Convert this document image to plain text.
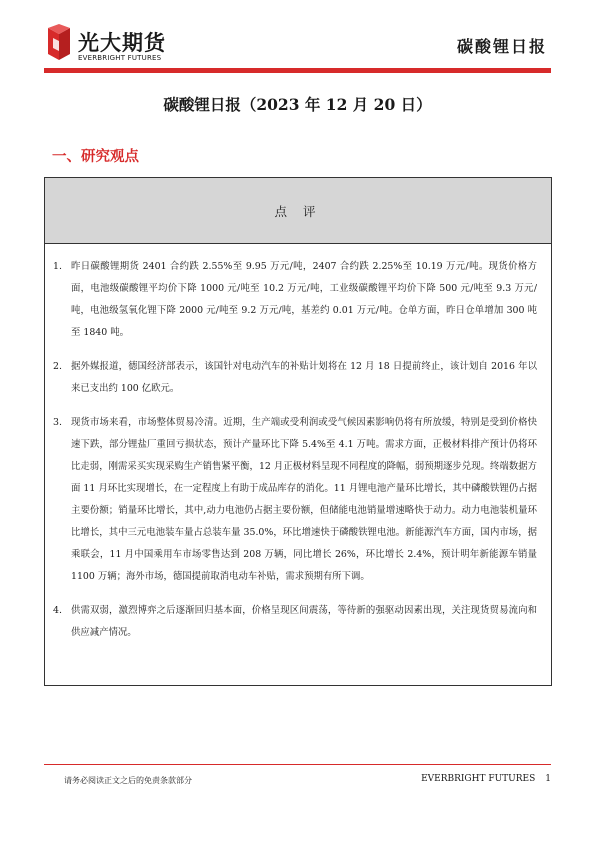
光大期货
EVERBRIGHT FUTURES
碳酸锂日报
碳酸锂日报（2023 年 12 月 20 日）
一、研究观点
点 评
1. 昨日碳酸锂期货 2401 合约跌 2.55%至 9.95 万元/吨，2407 合约跌 2.25%至 10.19 万元/吨。现货价格方面，电池级碳酸锂平均价下降 1000 元/吨至 10.2 万元/吨，工业级碳酸锂平均价下降 500 元/吨至 9.3 万元/吨，电池级氢氧化锂下降 2000 元/吨至 9.2 万元/吨，基差约 0.01 万元/吨。仓单方面，昨日仓单增加 300 吨至 1840 吨。
2. 据外媒报道，德国经济部表示，该国针对电动汽车的补贴计划将在 12 月 18 日提前终止，该计划自 2016 年以来已支出约 100 亿欧元。
3. 现货市场来看，市场整体贸易冷清。近期，生产端或受利润或受气候因素影响仍将有所放缓，特别是受到价格快速下跌，部分锂盐厂重回亏损状态，预计产量环比下降 5.4%至 4.1 万吨。需求方面，正极材料排产预计仍将环比走弱，刚需采买实现采购生产销售紧平衡，12 月正极材料呈现不同程度的降幅，弱预期逐步兑现。终端数据方面 11 月环比实现增长，在一定程度上有助于成品库存的消化。11 月锂电池产量环比增长，其中磷酸铁锂仍占据主要份额；销量环比增长，其中,动力电池仍占据主要份额，但储能电池销量增速略快于动力。动力电池装机量环比增长，其中三元电池装车量占总装车量 35.0%，环比增速快于磷酸铁锂电池。新能源汽车方面，国内市场，据乘联会，11 月中国乘用车市场零售达到 208 万辆，同比增长 26%，环比增长 2.4%，预计明年新能源车销量 1100 万辆；海外市场，德国提前取消电动车补贴，需求预期有所下调。
4. 供需双弱，激烈博弈之后逐渐回归基本面，价格呈现区间震荡，等待新的强驱动因素出现，关注现货贸易流向和供应减产情况。
请务必阅读正文之后的免责条款部分	EVERBRIGHT FUTURES 1
